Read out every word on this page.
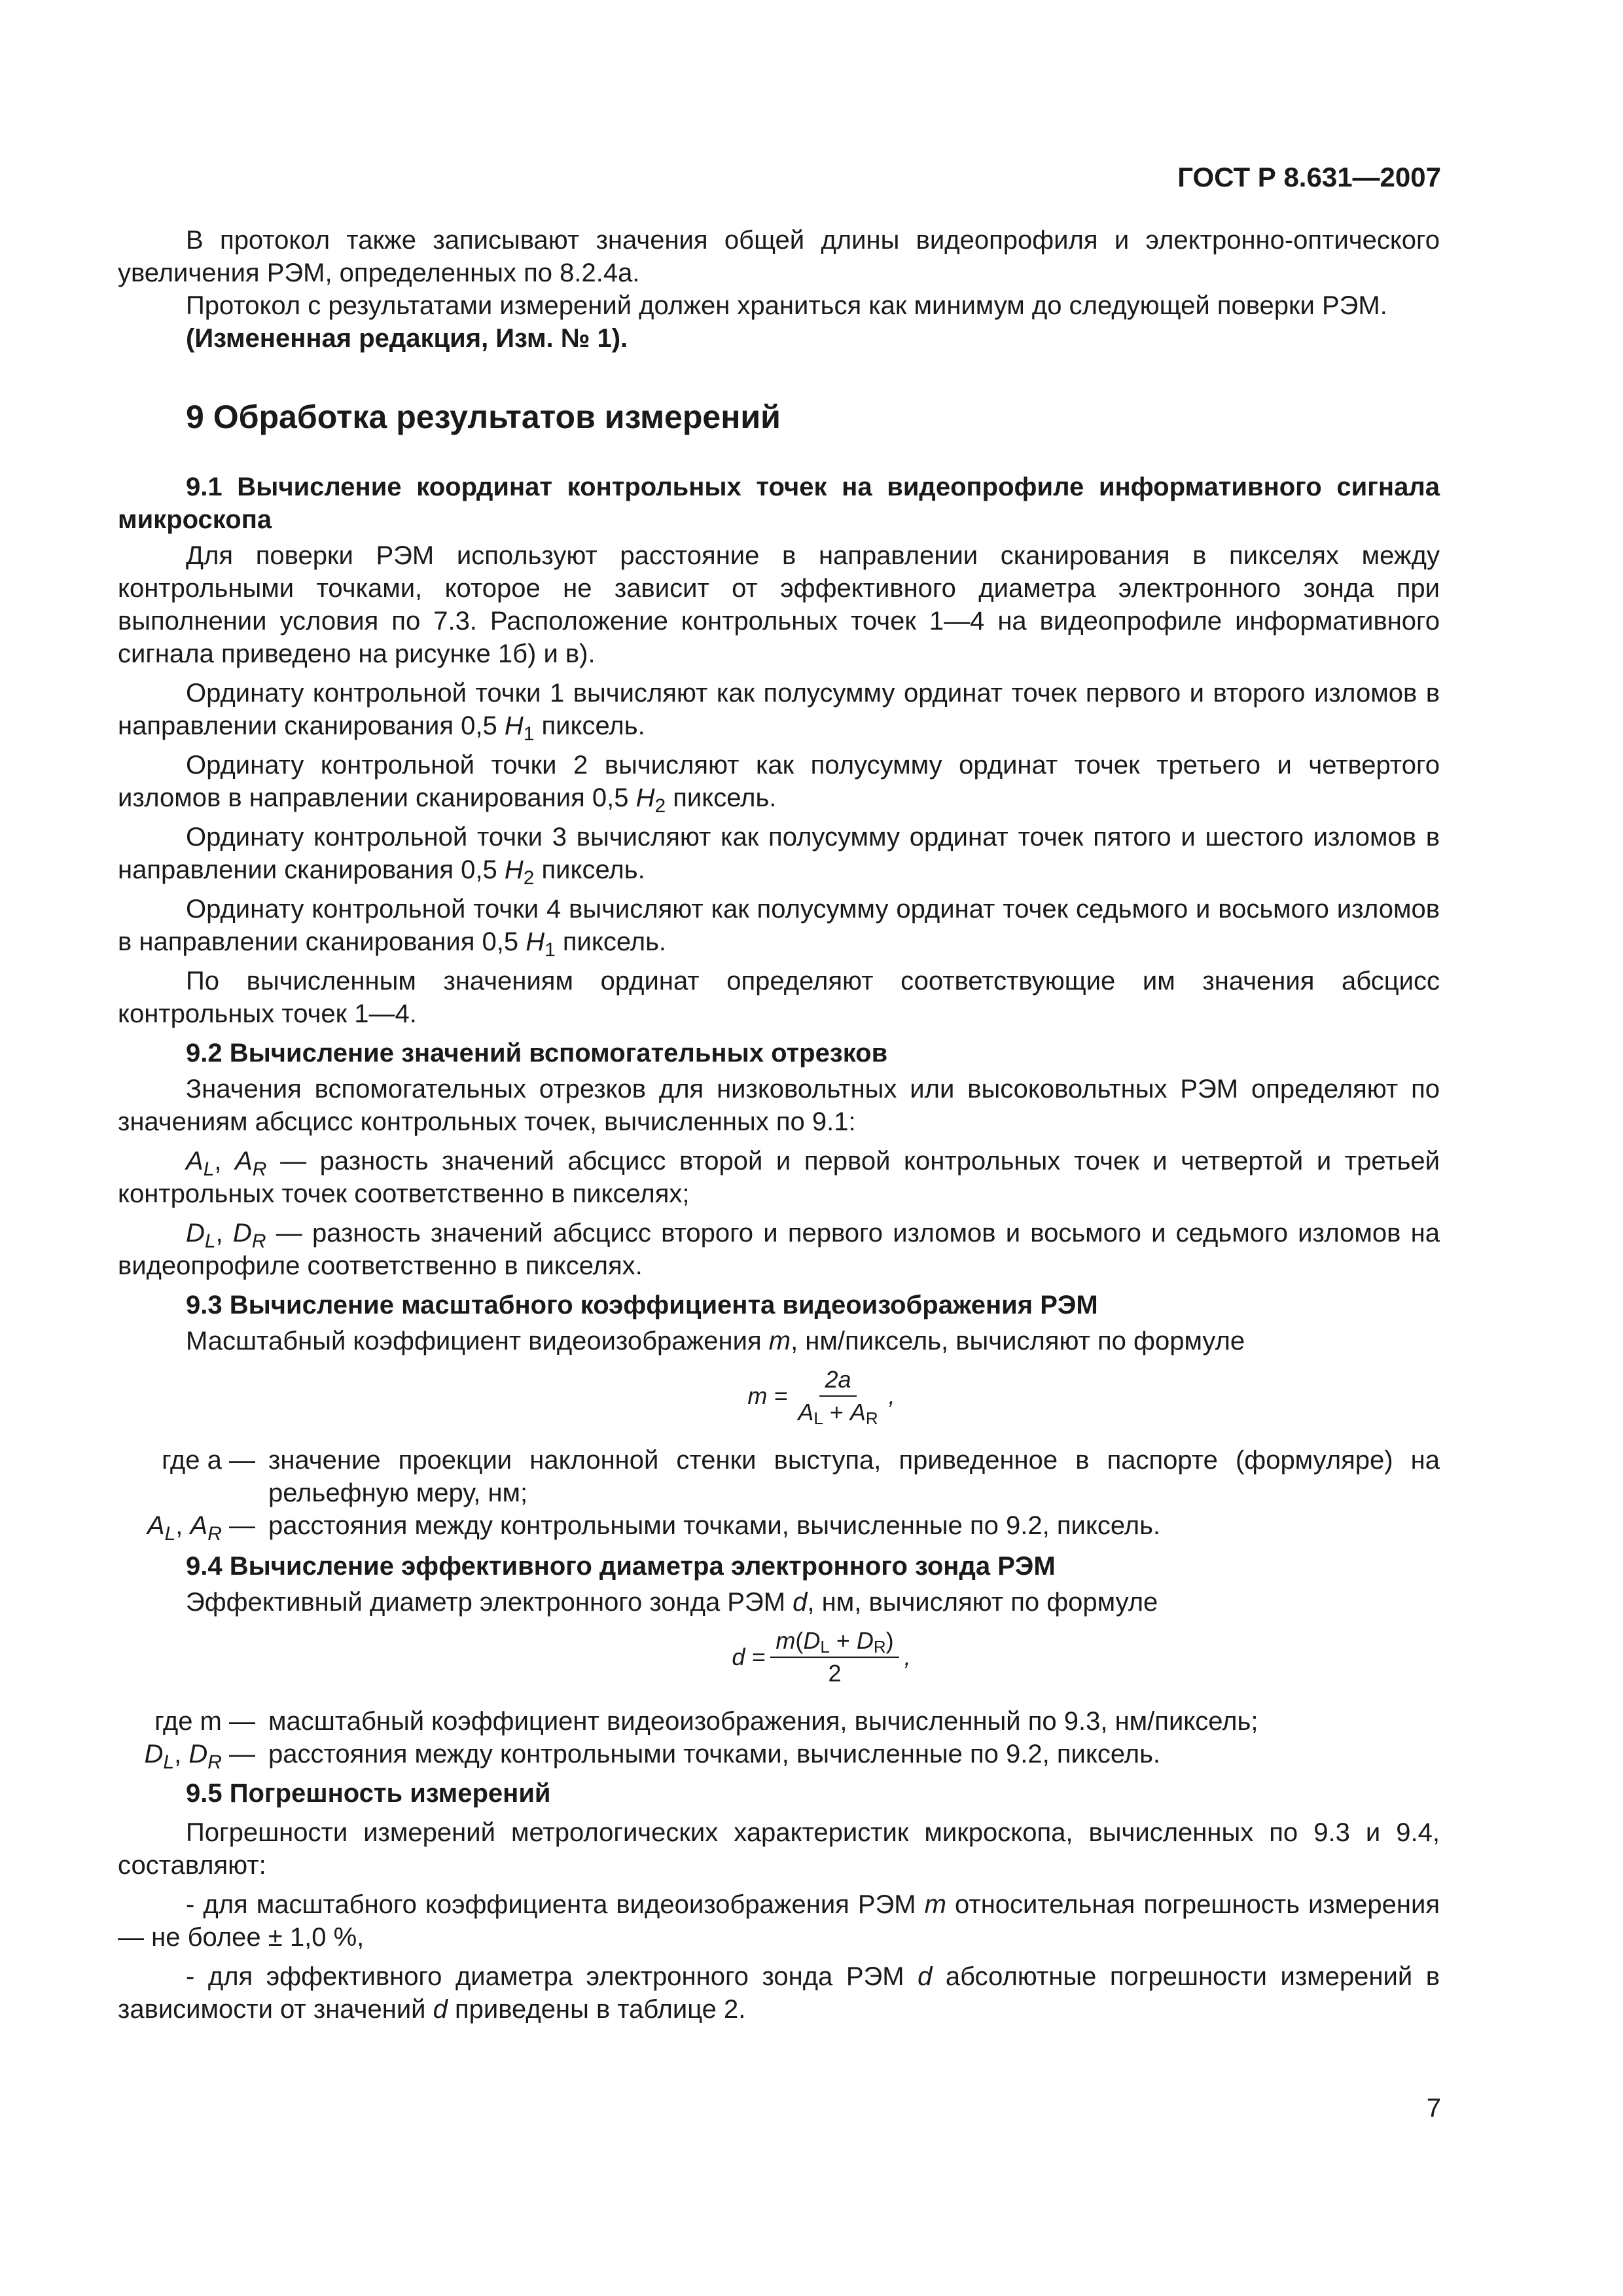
ГОСТ Р 8.631—2007

В протокол также записывают значения общей длины видеопрофиля и электронно-оптического увеличения РЭМ, определенных по 8.2.4а.

Протокол с результатами измерений должен храниться как минимум до следующей поверки РЭМ.

(Измененная редакция, Изм. № 1).

9 Обработка результатов измерений

9.1 Вычисление координат контрольных точек на видеопрофиле информативного сигнала микроскопа

Для поверки РЭМ используют расстояние в направлении сканирования в пикселях между контрольными точками, которое не зависит от эффективного диаметра электронного зонда при выполнении условия по 7.3. Расположение контрольных точек 1—4 на видеопрофиле информативного сигнала приведено на рисунке 1б) и в).

Ординату контрольной точки 1 вычисляют как полусумму ординат точек первого и второго изломов в направлении сканирования 0,5 $H_1$ пиксель.

Ординату контрольной точки 2 вычисляют как полусумму ординат точек третьего и четвертого изломов в направлении сканирования 0,5 $H_2$ пиксель.

Ординату контрольной точки 3 вычисляют как полусумму ординат точек пятого и шестого изломов в направлении сканирования 0,5 $H_2$ пиксель.

Ординату контрольной точки 4 вычисляют как полусумму ординат точек седьмого и восьмого изломов в направлении сканирования 0,5 $H_1$ пиксель.

По вычисленным значениям ординат определяют соответствующие им значения абсцисс контрольных точек 1—4.

9.2 Вычисление значений вспомогательных отрезков

Значения вспомогательных отрезков для низковольтных или высоковольтных РЭМ определяют по значениям абсцисс контрольных точек, вычисленных по 9.1:

$A_L$, $A_R$ — разность значений абсцисс второй и первой контрольных точек и четвертой и третьей контрольных точек соответственно в пикселях;

$D_L$, $D_R$ — разность значений абсцисс второго и первого изломов и восьмого и седьмого изломов на видеопрофиле соответственно в пикселях.

9.3 Вычисление масштабного коэффициента видеоизображения РЭМ

Масштабный коэффициент видеоизображения m, нм/пиксель, вычисляют по формуле

$m = \frac{2a}{A_L + A_R}$ ,
где a — значение проекции наклонной стенки выступа, приведенное в паспорте (формуляре) на рельефную меру, нм;
$A_L$, $A_R$ — расстояния между контрольными точками, вычисленные по 9.2, пиксель.

9.4 Вычисление эффективного диаметра электронного зонда РЭМ

Эффективный диаметр электронного зонда РЭМ d, нм, вычисляют по формуле

$d = \frac{m(D_L + D_R)}{2}$ ,
где m — масштабный коэффициент видеоизображения, вычисленный по 9.3, нм/пиксель;
$D_L$, $D_R$ — расстояния между контрольными точками, вычисленные по 9.2, пиксель.

9.5 Погрешность измерений

Погрешности измерений метрологических характеристик микроскопа, вычисленных по 9.3 и 9.4, составляют:

- для масштабного коэффициента видеоизображения РЭМ m относительная погрешность измерения — не более ± 1,0 %,

- для эффективного диаметра электронного зонда РЭМ d абсолютные погрешности измерений в зависимости от значений d приведены в таблице 2.

7
